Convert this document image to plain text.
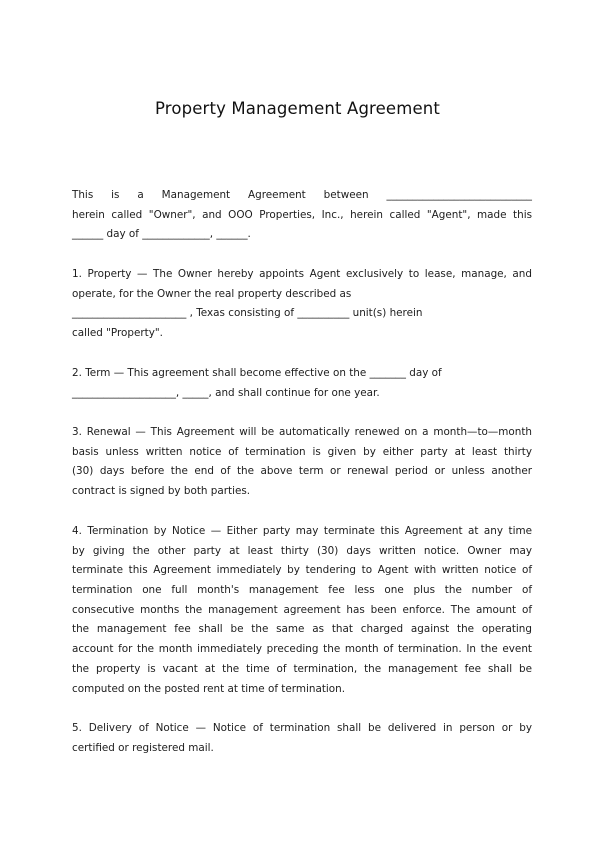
Property Management Agreement
This is a Management Agreement between ____________________________
herein called "Owner", and OOO Properties, Inc., herein called "Agent", made this
______ day of _____________, ______.
1. Property — The Owner hereby appoints Agent exclusively to lease, manage, and
operate, for the Owner the real property described as
______________________ , Texas consisting of __________ unit(s) herein
called "Property".
2. Term — This agreement shall become effective on the _______ day of
____________________, _____, and shall continue for one year.
3. Renewal — This Agreement will be automatically renewed on a month—to—month
basis unless written notice of termination is given by either party at least thirty
(30) days before the end of the above term or renewal period or unless another
contract is signed by both parties.
4. Termination by Notice — Either party may terminate this Agreement at any time
by giving the other party at least thirty (30) days written notice. Owner may
terminate this Agreement immediately by tendering to Agent with written notice of
termination one full month's management fee less one plus the number of
consecutive months the management agreement has been enforce. The amount of
the management fee shall be the same as that charged against the operating
account for the month immediately preceding the month of termination. In the event
the property is vacant at the time of termination, the management fee shall be
computed on the posted rent at time of termination.
5. Delivery of Notice — Notice of termination shall be delivered in person or by
certified or registered mail.
